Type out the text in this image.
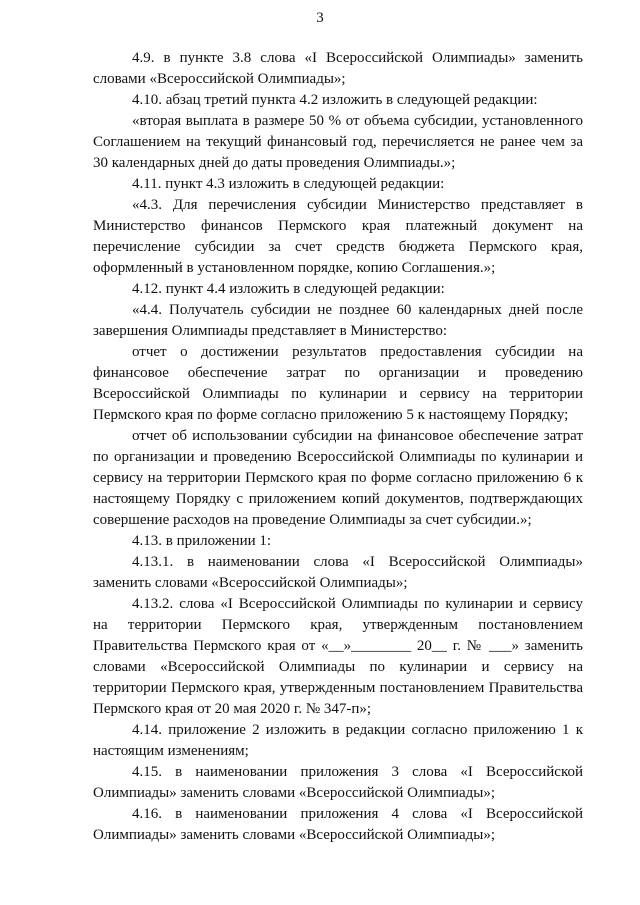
3

4.9. в пункте 3.8 слова «I Всероссийской Олимпиады» заменить словами «Всероссийской Олимпиады»;

4.10. абзац третий пункта 4.2 изложить в следующей редакции:

«вторая выплата в размере 50 % от объема субсидии, установленного Соглашением на текущий финансовый год, перечисляется не ранее чем за 30 календарных дней до даты проведения Олимпиады.»;

4.11. пункт 4.3 изложить в следующей редакции:

«4.3. Для перечисления субсидии Министерство представляет в Министерство финансов Пермского края платежный документ на перечисление субсидии за счет средств бюджета Пермского края, оформленный в установленном порядке, копию Соглашения.»;

4.12. пункт 4.4 изложить в следующей редакции:

«4.4. Получатель субсидии не позднее 60 календарных дней после завершения Олимпиады представляет в Министерство:

отчет о достижении результатов предоставления субсидии на финансовое обеспечение затрат по организации и проведению Всероссийской Олимпиады по кулинарии и сервису на территории Пермского края по форме согласно приложению 5 к настоящему Порядку;

отчет об использовании субсидии на финансовое обеспечение затрат по организации и проведению Всероссийской Олимпиады по кулинарии и сервису на территории Пермского края по форме согласно приложению 6 к настоящему Порядку с приложением копий документов, подтверждающих совершение расходов на проведение Олимпиады за счет субсидии.»;

4.13. в приложении 1:

4.13.1. в наименовании слова «I Всероссийской Олимпиады» заменить словами «Всероссийской Олимпиады»;

4.13.2. слова «I Всероссийской Олимпиады по кулинарии и сервису на территории Пермского края, утвержденным постановлением Правительства Пермского края от «__»________ 20__ г. № ___» заменить словами «Всероссийской Олимпиады по кулинарии и сервису на территории Пермского края, утвержденным постановлением Правительства Пермского края от 20 мая 2020 г. № 347-п»;

4.14. приложение 2 изложить в редакции согласно приложению 1 к настоящим изменениям;

4.15. в наименовании приложения 3 слова «I Всероссийской Олимпиады» заменить словами «Всероссийской Олимпиады»;

4.16. в наименовании приложения 4 слова «I Всероссийской Олимпиады» заменить словами «Всероссийской Олимпиады»;
